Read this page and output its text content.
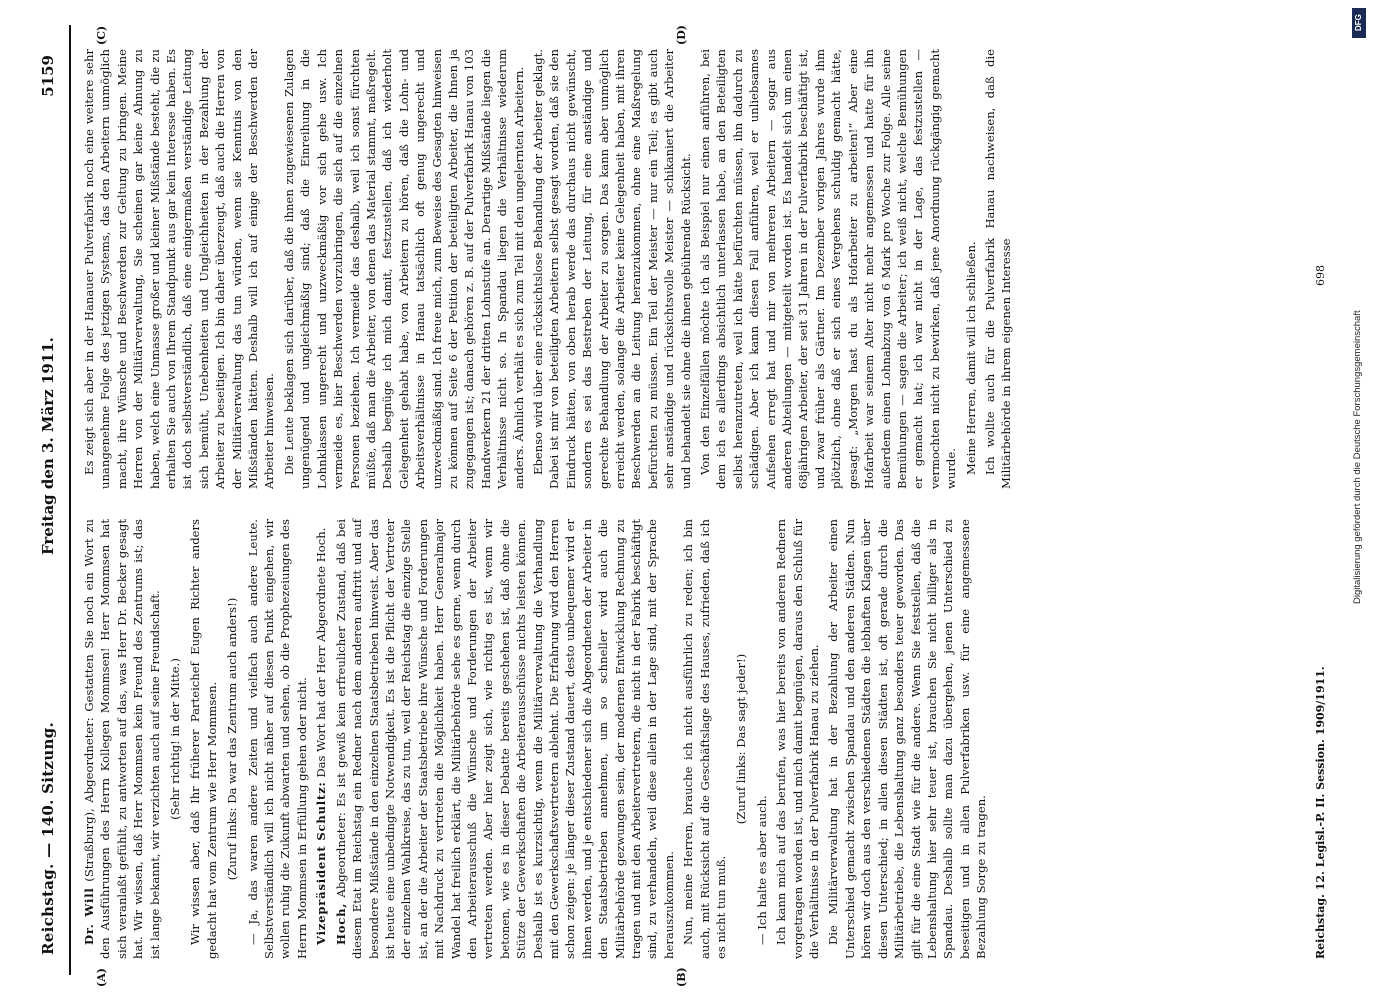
Reichstag. — 140. Sitzung.
Freitag den 3. März 1911.
5159
(A)	(B)
(C)	(D)

Dr. Will (Straßburg), Abgeordneter: Gestatten Sie noch ein Wort zu den Ausführungen des Herrn Kollegen Mommsen! Herr Mommsen hat sich veranlaßt gefühlt, zu antworten auf das, was Herr Dr. Becker gesagt hat. Wir wissen, daß Herr Mommsen kein Freund des Zentrums ist; das ist lange bekannt, wir verzichten auch auf seine Freundschaft. (Sehr richtig! in der Mitte.) Wir wissen aber, daß Ihr früherer Parteichef Eugen Richter anders gedacht hat vom Zentrum wie Herr Mommsen. (Zuruf links: Da war das Zentrum auch anders!) — Ja, das waren andere Zeiten und vielfach auch andere Leute. Selbstverständlich will ich nicht näher auf diesen Punkt eingehen, wir wollen ruhig die Zukunft abwarten und sehen, ob die Prophezeiungen des Herrn Mommsen in Erfüllung gehen oder nicht. Vizepräsident Schultz: Das Wort hat der Herr Abgeordnete Hoch.

Hoch, Abgeordneter: Es ist gewiß kein erfreulicher Zustand, daß bei diesem Etat im Reichstag ein Redner nach dem anderen auftritt und auf besondere Mißstände in den einzelnen Staatsbetrieben hinweist. Aber das ist heute eine unbedingte Notwendigkeit. Es ist die Pflicht der Vertreter der einzelnen Wahlkreise, das zu tun, weil der Reichstag die einzige Stelle ist, an der die Arbeiter der Staatsbetriebe ihre Wünsche und Forderungen mit Nachdruck zu vertreten die Möglichkeit haben. Herr Generalmajor Wandel hat freilich erklärt, die Militärbehörde sehe es gerne, wenn durch den Arbeiterausschuß die Wünsche und Forderungen der Arbeiter vertreten werden. Aber hier zeigt sich, wie richtig es ist, wenn wir betonen, wie es in dieser Debatte bereits geschehen ist, daß ohne die Stütze der Gewerkschaften die Arbeiterausschüsse nichts leisten können. Deshalb ist es kurzsichtig, wenn die Militärverwaltung die Verhandlung mit den Gewerkschaftsvertretern ablehnt. Die Erfahrung wird den Herren schon zeigen: je länger dieser Zustand dauert, desto unbequemer wird er ihnen werden, und je entschiedener sich die Abgeordneten der Arbeiter in den Staatsbetrieben annehmen, um so schneller wird auch die Militärbehörde gezwungen sein, der modernen Entwicklung Rechnung zu tragen und mit den Arbeitervertretern, die nicht in der Fabrik beschäftigt sind, zu verhandeln, weil diese allein in der Lage sind, mit der Sprache herauszukommen. Nun, meine Herren, brauche ich nicht ausführlich zu reden; ich bin auch, mit Rücksicht auf die Geschäftslage des Hauses, zufrieden, daß ich es nicht tun muß.

(Zuruf links: Das sagt jeder!)

— Ich halte es aber auch. Ich kann mich auf das berufen, was hier bereits von anderen Rednern vorgetragen worden ist, und mich damit begnügen, daraus den Schluß für die Verhältnisse in der Pulverfabrik Hanau zu ziehen. Die Militärverwaltung hat in der Bezahlung der Arbeiter einen Unterschied gemacht zwischen Spandau und den anderen Städten. Nun hören wir doch aus den verschiedenen Städten die lebhaften Klagen über diesen Unterschied; in allen diesen Städten ist, oft gerade durch die Militärbetriebe, die Lebenshaltung ganz besonders teuer geworden. Das gilt für die eine Stadt wie für die andere. Wenn Sie feststellen, daß die Lebenshaltung hier sehr teuer ist, brauchen Sie nicht billiger als in Spandau. Deshalb sollte man dazu übergehen, jenen Unterschied zu beseitigen und in allen Pulverfabriken usw. für eine angemessene Bezahlung Sorge zu tragen.

Es zeigt sich aber in der Hanauer Pulverfabrik noch eine weitere sehr unangenehme Folge des jetzigen Systems, das den Arbeitern unmöglich macht, ihre Wünsche und Beschwerden zur Geltung zu bringen. Meine Herren von der Militärverwaltung, Sie scheinen gar keine Ahnung zu haben, welch eine Unmasse großer und kleiner Mißstände besteht, die zu erhalten Sie auch von Ihrem Standpunkt aus gar kein Interesse haben. Es ist doch selbstverständlich, daß eine einigermaßen verständige Leitung sich bemüht, Unebenheiten und Ungleichheiten in der Bezahlung der Arbeiter zu beseitigen. Ich bin daher überzeugt, daß auch die Herren von der Militärverwaltung das tun würden, wenn sie Kenntnis von den Mißständen hätten. Deshalb will ich auf einige der Beschwerden der Arbeiter hinweisen. Die Leute beklagen sich darüber, daß die ihnen zugewiesenen Zulagen ungenügend und ungleichmäßig sind; daß die Einreihung in die Lohnklassen ungerecht und unzweckmäßig vor sich gehe usw. Ich vermeide es, hier Beschwerden vorzubringen, die sich auf die einzelnen Personen beziehen. Ich vermeide das deshalb, weil ich sonst fürchten müßte, daß man die Arbeiter, von denen das Material stammt, maßregelt. Deshalb begnüge ich mich damit, festzustellen, daß ich wiederholt Gelegenheit gehabt habe, von Arbeitern zu hören, daß die Lohn- und Arbeitsverhältnisse in Hanau tatsächlich oft genug ungerecht und unzweckmäßig sind. Ich freue mich, zum Beweise des Gesagten hinweisen zu können auf Seite 6 der Petition der beteiligten Arbeiter, die Ihnen ja zugegangen ist; danach gehören z. B. auf der Pulverfabrik Hanau von 103 Handwerkern 21 der dritten Lohnstufe an. Derartige Mißstände liegen die Verhältnisse nicht so. In Spandau liegen die Verhältnisse wiederum anders. Ähnlich verhält es sich zum Teil mit den ungelernten Arbeitern. Ebenso wird über eine rücksichtslose Behandlung der Arbeiter geklagt. Dabei ist mir von beteiligten Arbeitern selbst gesagt worden, daß sie den Eindruck hätten, von oben herab werde das durchaus nicht gewünscht, sondern es sei das Bestreben der Leitung, für eine anständige und gerechte Behandlung der Arbeiter zu sorgen. Das kann aber unmöglich erreicht werden, solange die Arbeiter keine Gelegenheit haben, mit ihren Beschwerden an die Leitung heranzukommen, ohne eine Maßregelung befürchten zu müssen. Ein Teil der Meister — nur ein Teil; es gibt auch sehr anständige und rücksichtsvolle Meister — schikaniert die Arbeiter und behandelt sie ohne die ihnen gebührende Rücksicht. Von den Einzelfällen möchte ich als Beispiel nur einen anführen, bei dem ich es allerdings absichtlich unterlassen habe, an den Beteiligten selbst heranzutreten, weil ich hätte befürchten müssen, ihn dadurch zu schädigen. Aber ich kann diesen Fall anführen, weil er unliebsames Aufsehen erregt hat und mir von mehreren Arbeitern — sogar aus anderen Abteilungen — mitgeteilt worden ist. Es handelt sich um einen 68jährigen Arbeiter, der seit 31 Jahren in der Pulverfabrik beschäftigt ist, und zwar früher als Gärtner. Im Dezember vorigen Jahres wurde ihm plötzlich, ohne daß er sich eines Vergehens schuldig gemacht hätte, gesagt: „Morgen hast du als Hofarbeiter zu arbeiten!“ Aber eine Hofarbeit war seinem Alter nicht mehr angemessen und hatte für ihn außerdem einen Lohnabzug von 6 Mark pro Woche zur Folge. Alle seine Bemühungen — sagen die Arbeiter; ich weiß nicht, welche Bemühungen er gemacht hat; ich war nicht in der Lage, das festzustellen — vermochten nicht zu bewirken, daß jene Anordnung rückgängig gemacht wurde. Meine Herren, damit will ich schließen. Ich wollte auch für die Pulverfabrik Hanau nachweisen, daß die Militärbehörde in ihrem eigenen Interesse

Reichstag. 12. Legisl.-P. II. Session. 1909/1911.
698
DFG
Digitalisierung gefördert durch die Deutsche Forschungsgemeinschaft
